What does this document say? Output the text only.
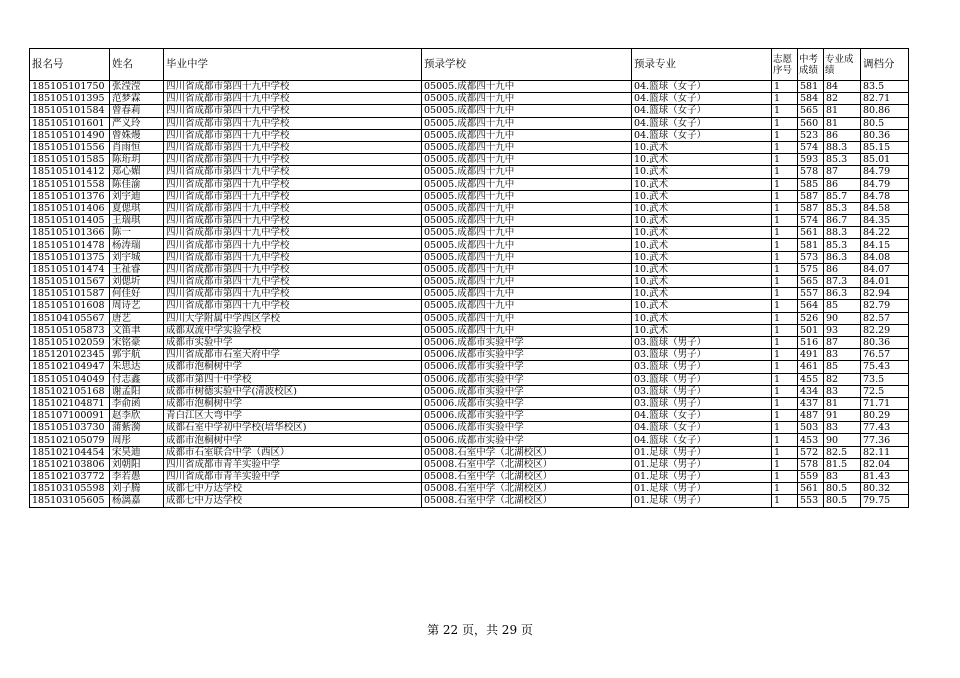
报名号	姓名	毕业中学	预录学校	预录专业	志愿序号	中考成绩	专业成绩	调档分
185105101750	张滢滢	四川省成都市第四十九中学校	05005.成都四十九中	04.篮球（女子）	1	581	84	83.5
185105101395	范梦霖	四川省成都市第四十九中学校	05005.成都四十九中	04.篮球（女子）	1	584	82	82.71
185105101584	曾春莉	四川省成都市第四十九中学校	05005.成都四十九中	04.篮球（女子）	1	565	81	80.86
185105101601	严义玲	四川省成都市第四十九中学校	05005.成都四十九中	04.篮球（女子）	1	560	81	80.5
185105101490	曾姝熳	四川省成都市第四十九中学校	05005.成都四十九中	04.篮球（女子）	1	523	86	80.36
185105101556	肖雨恒	四川省成都市第四十九中学校	05005.成都四十九中	10.武术	1	574	88.3	85.15
185105101585	陈珩玥	四川省成都市第四十九中学校	05005.成都四十九中	10.武术	1	593	85.3	85.01
185105101412	郑心媚	四川省成都市第四十九中学校	05005.成都四十九中	10.武术	1	578	87	84.79
185105101558	陈佳渝	四川省成都市第四十九中学校	05005.成都四十九中	10.武术	1	585	86	84.79
185105101376	刘宇迪	四川省成都市第四十九中学校	05005.成都四十九中	10.武术	1	587	85.7	84.78
185105101406	夏偲琪	四川省成都市第四十九中学校	05005.成都四十九中	10.武术	1	587	85.3	84.58
185105101405	王瑞琪	四川省成都市第四十九中学校	05005.成都四十九中	10.武术	1	574	86.7	84.35
185105101366	陈一	四川省成都市第四十九中学校	05005.成都四十九中	10.武术	1	561	88.3	84.22
185105101478	杨涛瑞	四川省成都市第四十九中学校	05005.成都四十九中	10.武术	1	581	85.3	84.15
185105101375	刘宇城	四川省成都市第四十九中学校	05005.成都四十九中	10.武术	1	573	86.3	84.08
185105101474	王祉睿	四川省成都市第四十九中学校	05005.成都四十九中	10.武术	1	575	86	84.07
185105101567	刘偲圻	四川省成都市第四十九中学校	05005.成都四十九中	10.武术	1	565	87.3	84.01
185105101587	何佳好	四川省成都市第四十九中学校	05005.成都四十九中	10.武术	1	557	86.3	82.94
185105101608	周诗艺	四川省成都市第四十九中学校	05005.成都四十九中	10.武术	1	564	85	82.79
185104105567	唐艺	四川大学附属中学西区学校	05005.成都四十九中	10.武术	1	526	90	82.57
185105105873	文笛聿	成都双流中学实验学校	05005.成都四十九中	10.武术	1	501	93	82.29
185105102059	宋铭豪	成都市实验中学	05006.成都市实验中学	03.篮球（男子）	1	516	87	80.36
185120102345	郭宇航	四川省成都市石室天府中学	05006.成都市实验中学	03.篮球（男子）	1	491	83	76.57
185102104947	朱思达	成都市泡桐树中学	05006.成都市实验中学	03.篮球（男子）	1	461	85	75.43
185105104049	付志鑫	成都市第四十中学校	05006.成都市实验中学	03.篮球（男子）	1	455	82	73.5
185102105168	谢孟阳	成都市树德实验中学(清波校区)	05006.成都市实验中学	03.篮球（男子）	1	434	83	72.5
185102104871	李俞函	成都市泡桐树中学	05006.成都市实验中学	03.篮球（男子）	1	437	81	71.71
185107100091	赵李欣	青白江区大弯中学	05006.成都市实验中学	04.篮球（女子）	1	487	91	80.29
185105103730	蒲紫漪	成都石室中学初中学校(培华校区)	05006.成都市实验中学	04.篮球（女子）	1	503	83	77.43
185102105079	周彤	成都市泡桐树中学	05006.成都市实验中学	04.篮球（女子）	1	453	90	77.36
185102104454	宋昊迪	成都市石室联合中学（西区）	05008.石室中学（北湖校区）	01.足球（男子）	1	572	82.5	82.11
185102103806	刘朝阳	四川省成都市青羊实验中学	05008.石室中学（北湖校区）	01.足球（男子）	1	578	81.5	82.04
185102103772	李若愚	四川省成都市青羊实验中学	05008.石室中学（北湖校区）	01.足球（男子）	1	559	83	81.43
185103105598	刘子腾	成都七中万达学校	05008.石室中学（北湖校区）	01.足球（男子）	1	561	80.5	80.32
185103105605	杨漓嘉	成都七中万达学校	05008.石室中学（北湖校区）	01.足球（男子）	1	553	80.5	79.75
第 22 页，共 29 页
